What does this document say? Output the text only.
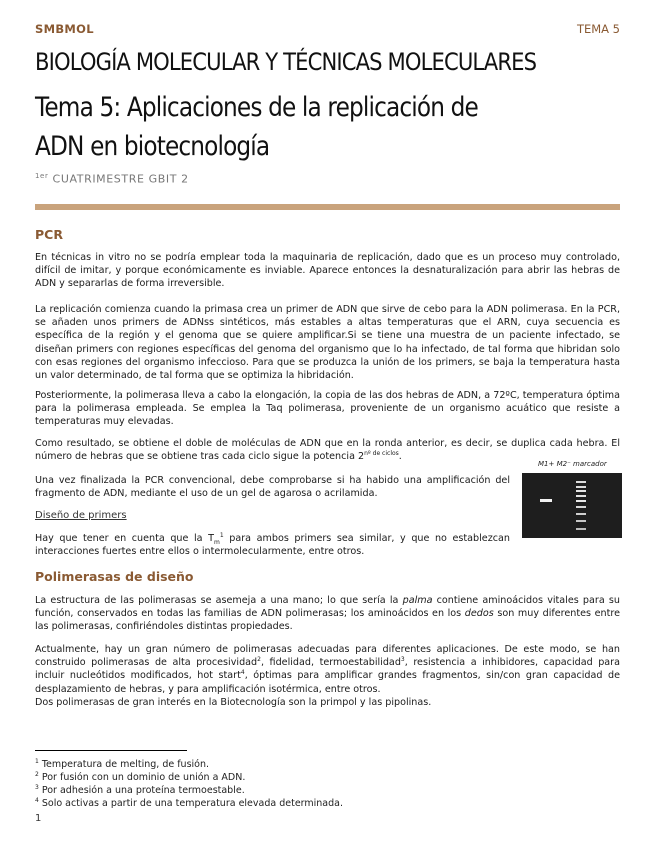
SMBMOL	TEMA 5
BIOLOGÍA MOLECULAR Y TÉCNICAS MOLECULARES
Tema 5: Aplicaciones de la replicación de ADN en biotecnología
$^{1er}$ CUATRIMESTRE GBIT 2
PCR
En técnicas in vitro no se podría emplear toda la maquinaria de replicación, dado que es un proceso muy controlado, difícil de imitar, y porque económicamente es inviable. Aparece entonces la desnaturalización para abrir las hebras de ADN y separarlas de forma irreversible.
La replicación comienza cuando la primasa crea un primer de ADN que sirve de cebo para la ADN polimerasa. En la PCR, se añaden unos primers de ADNss sintéticos, más estables a altas temperaturas que el ARN, cuya secuencia es específica de la región y el genoma que se quiere amplificar.Si se tiene una muestra de un paciente infectado, se diseñan primers con regiones específicas del genoma del organismo que lo ha infectado, de tal forma que hibridan solo con esas regiones del organismo infeccioso. Para que se produzca la unión de los primers, se baja la temperatura hasta un valor determinado, de tal forma que se optimiza la hibridación.
Posteriormente, la polimerasa lleva a cabo la elongación, la copia de las dos hebras de ADN, a 72ºC, temperatura óptima para la polimerasa empleada. Se emplea la Taq polimerasa, proveniente de un organismo acuático que resiste a temperaturas muy elevadas.
Como resultado, se obtiene el doble de moléculas de ADN que en la ronda anterior, es decir, se duplica cada hebra. El número de hebras que se obtiene tras cada ciclo sigue la potencia $2^{nº de ciclos}$.
Una vez finalizada la PCR convencional, debe comprobarse si ha habido una amplificación del fragmento de ADN, mediante el uso de un gel de agarosa o acrilamida.
Diseño de primers
Hay que tener en cuenta que la $T_m^1$ para ambos primers sea similar, y que no establezcan interacciones fuertes entre ellos o intermolecularmente, entre otros.
M1+ M2⁻ marcador
Polimerasas de diseño
La estructura de las polimerasas se asemeja a una mano; lo que sería la palma contiene aminoácidos vitales para su función, conservados en todas las familias de ADN polimerasas; los aminoácidos en los dedos son muy diferentes entre las polimerasas, confiriéndoles distintas propiedades.
Actualmente, hay un gran número de polimerasas adecuadas para diferentes aplicaciones. De este modo, se han construido polimerasas de alta procesividad$^2$, fidelidad, termoestabilidad$^3$, resistencia a inhibidores, capacidad para incluir nucleótidos modificados, hot start$^4$, óptimas para amplificar grandes fragmentos, sin/con gran capacidad de desplazamiento de hebras, y para amplificación isotérmica, entre otros.
Dos polimerasas de gran interés en la Biotecnología son la primpol y las pipolinas.
$^1$ Temperatura de melting, de fusión.
$^2$ Por fusión con un dominio de unión a ADN.
$^3$ Por adhesión a una proteína termoestable.
$^4$ Solo activas a partir de una temperatura elevada determinada.
1
